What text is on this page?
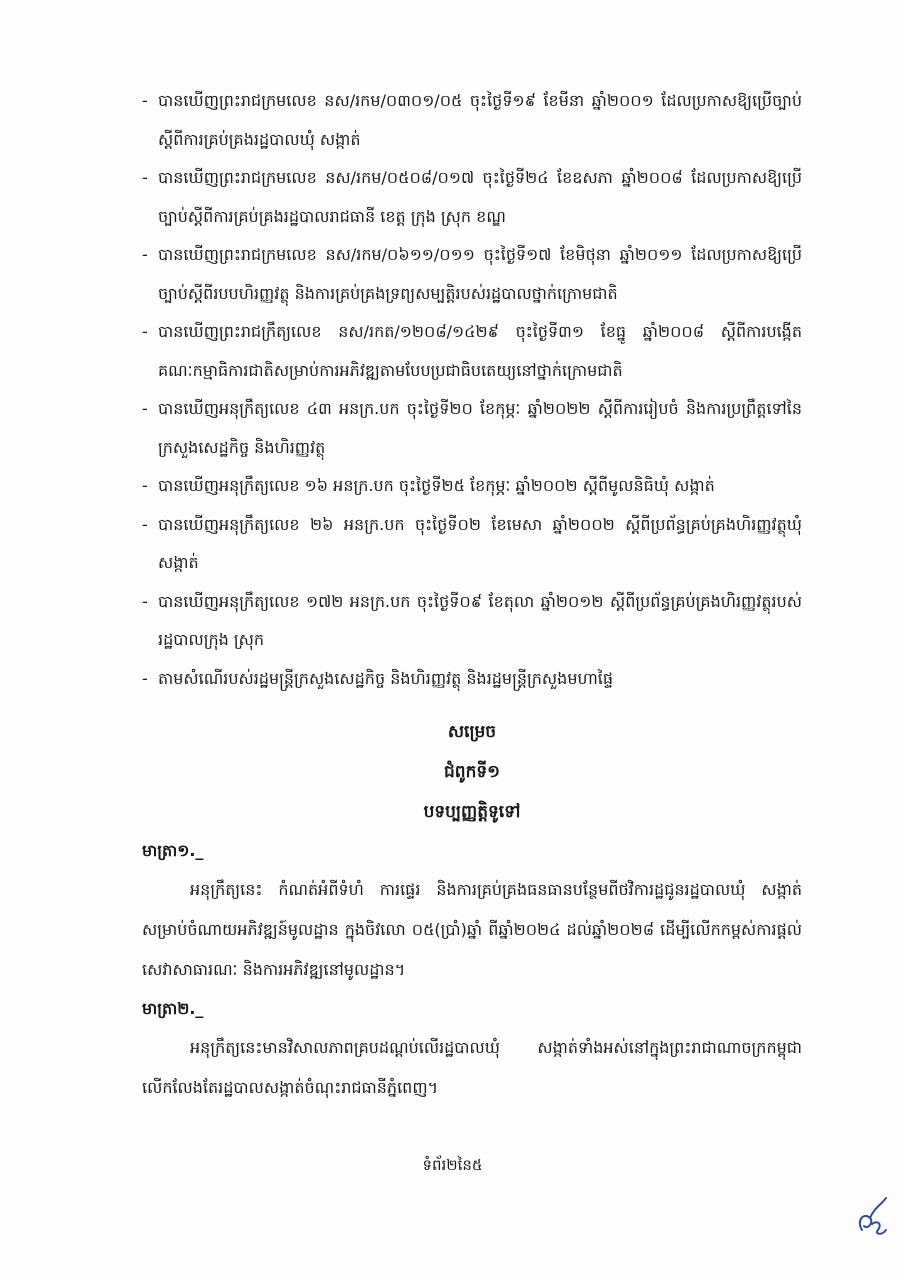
- បានឃើញព្រះរាជក្រមលេខ នស/រកម/០៣០១/០៥ ចុះថ្ងៃទី១៩ ខែមីនា ឆ្នាំ២០០១ ដែលប្រកាសឱ្យប្រើច្បាប់ស្តីពីការគ្រប់គ្រងរដ្ឋបាលឃុំ សង្កាត់
- បានឃើញព្រះរាជក្រមលេខ នស/រកម/០៥០៨/០១៧ ចុះថ្ងៃទី២៤ ខែឧសភា ឆ្នាំ២០០៨ ដែលប្រកាសឱ្យប្រើច្បាប់ស្តីពីការគ្រប់គ្រងរដ្ឋបាលរាជធានី ខេត្ត ក្រុង ស្រុក ខណ្ឌ
- បានឃើញព្រះរាជក្រមលេខ នស/រកម/០៦១១/០១១ ចុះថ្ងៃទី១៧ ខែមិថុនា ឆ្នាំ២០១១ ដែលប្រកាសឱ្យប្រើច្បាប់ស្តីពីរបបហិរញ្ញវត្ថុ និងការគ្រប់គ្រងទ្រព្យសម្បត្តិរបស់រដ្ឋបាលថ្នាក់ក្រោមជាតិ
- បានឃើញព្រះរាជក្រឹត្យលេខ នស/រកត/១២០៨/១៤២៩ ចុះថ្ងៃទី៣១ ខែធ្នូ ឆ្នាំ២០០៨ ស្តីពីការបង្កើតគណៈកម្មាធិការជាតិសម្រាប់ការអភិវឌ្ឍតាមបែបប្រជាធិបតេយ្យនៅថ្នាក់ក្រោមជាតិ
- បានឃើញអនុក្រឹត្យលេខ ៤៣ អនក្រ.បក ចុះថ្ងៃទី២០ ខែកុម្ភៈ ឆ្នាំ២០២២ ស្តីពីការរៀបចំ និងការប្រព្រឹត្តទៅនៃក្រសួងសេដ្ឋកិច្ច និងហិរញ្ញវត្ថុ
- បានឃើញអនុក្រឹត្យលេខ ១៦ អនក្រ.បក ចុះថ្ងៃទី២៥ ខែកុម្ភៈ ឆ្នាំ២០០២ ស្តីពីមូលនិធិឃុំ សង្កាត់
- បានឃើញអនុក្រឹត្យលេខ ២៦ អនក្រ.បក ចុះថ្ងៃទី០២ ខែមេសា ឆ្នាំ២០០២ ស្តីពីប្រព័ន្ធគ្រប់គ្រងហិរញ្ញវត្ថុឃុំ សង្កាត់
- បានឃើញអនុក្រឹត្យលេខ ១៧២ អនក្រ.បក ចុះថ្ងៃទី០៩ ខែតុលា ឆ្នាំ២០១២ ស្តីពីប្រព័ន្ធគ្រប់គ្រងហិរញ្ញវត្ថុរបស់រដ្ឋបាលក្រុង ស្រុក
- តាមសំណើរបស់រដ្ឋមន្ត្រីក្រសួងសេដ្ឋកិច្ច និងហិរញ្ញវត្ថុ និងរដ្ឋមន្ត្រីក្រសួងមហាផ្ទៃ

សម្រេច

ជំពូកទី១

បទប្បញ្ញត្តិទូទៅ

មាត្រា១._

អនុក្រឹត្យនេះ កំណត់អំពីទំហំ ការផ្ទេរ និងការគ្រប់គ្រងធនធានបន្ថែមពីថវិការដ្ឋជូនរដ្ឋបាលឃុំ សង្កាត់ សម្រាប់ចំណាយអភិវឌ្ឍន៍មូលដ្ឋាន ក្នុងចិវលោ ០៥(ប្រាំ)ឆ្នាំ ពីឆ្នាំ២០២៤ ដល់ឆ្នាំ២០២៨ ដើម្បីលើកកម្ពស់ការផ្តល់សេវាសាធារណៈ និងការអភិវឌ្ឍនៅមូលដ្ឋាន។

មាត្រា២._

អនុក្រឹត្យនេះមានវិសាលភាពគ្របដណ្តប់លើរដ្ឋបាលឃុំ សង្កាត់ទាំងអស់នៅក្នុងព្រះរាជាណាចក្រកម្ពុជា លើកលែងតែរដ្ឋបាលសង្កាត់ចំណុះរាជធានីភ្នំពេញ។

ទំព័រ២នៃ៥
